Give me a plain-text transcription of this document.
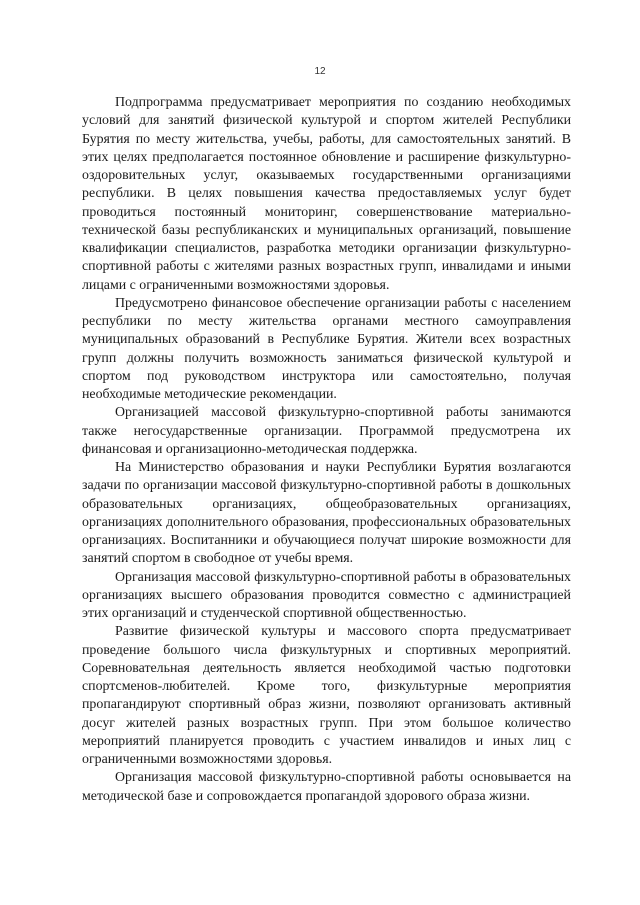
12

Подпрограмма предусматривает мероприятия по созданию необходимых условий для занятий физической культурой и спортом жителей Республики Бурятия по месту жительства, учебы, работы, для самостоятельных занятий. В этих целях предполагается постоянное обновление и расширение физкультурно-оздоровительных услуг, оказываемых государственными организациями республики. В целях повышения качества предоставляемых услуг будет проводиться постоянный мониторинг, совершенствование материально-технической базы республиканских и муниципальных организаций, повышение квалификации специалистов, разработка методики организации физкультурно-спортивной работы с жителями разных возрастных групп, инвалидами и иными лицами с ограниченными возможностями здоровья.

Предусмотрено финансовое обеспечение организации работы с населением республики по месту жительства органами местного самоуправления муниципальных образований в Республике Бурятия. Жители всех возрастных групп должны получить возможность заниматься физической культурой и спортом под руководством инструктора или самостоятельно, получая необходимые методические рекомендации.

Организацией массовой физкультурно-спортивной работы занимаются также негосударственные организации. Программой предусмотрена их финансовая и организационно-методическая поддержка.

На Министерство образования и науки Республики Бурятия возлагаются задачи по организации массовой физкультурно-спортивной работы в дошкольных образовательных организациях, общеобразовательных организациях, организациях дополнительного образования, профессиональных образовательных организациях. Воспитанники и обучающиеся получат широкие возможности для занятий спортом в свободное от учебы время.

Организация массовой физкультурно-спортивной работы в образовательных организациях высшего образования проводится совместно с администрацией этих организаций и студенческой спортивной общественностью.

Развитие физической культуры и массового спорта предусматривает проведение большого числа физкультурных и спортивных мероприятий. Соревновательная деятельность является необходимой частью подготовки спортсменов-любителей. Кроме того, физкультурные мероприятия пропагандируют спортивный образ жизни, позволяют организовать активный досуг жителей разных возрастных групп. При этом большое количество мероприятий планируется проводить с участием инвалидов и иных лиц с ограниченными возможностями здоровья.

Организация массовой физкультурно-спортивной работы основывается на методической базе и сопровождается пропагандой здорового образа жизни.
